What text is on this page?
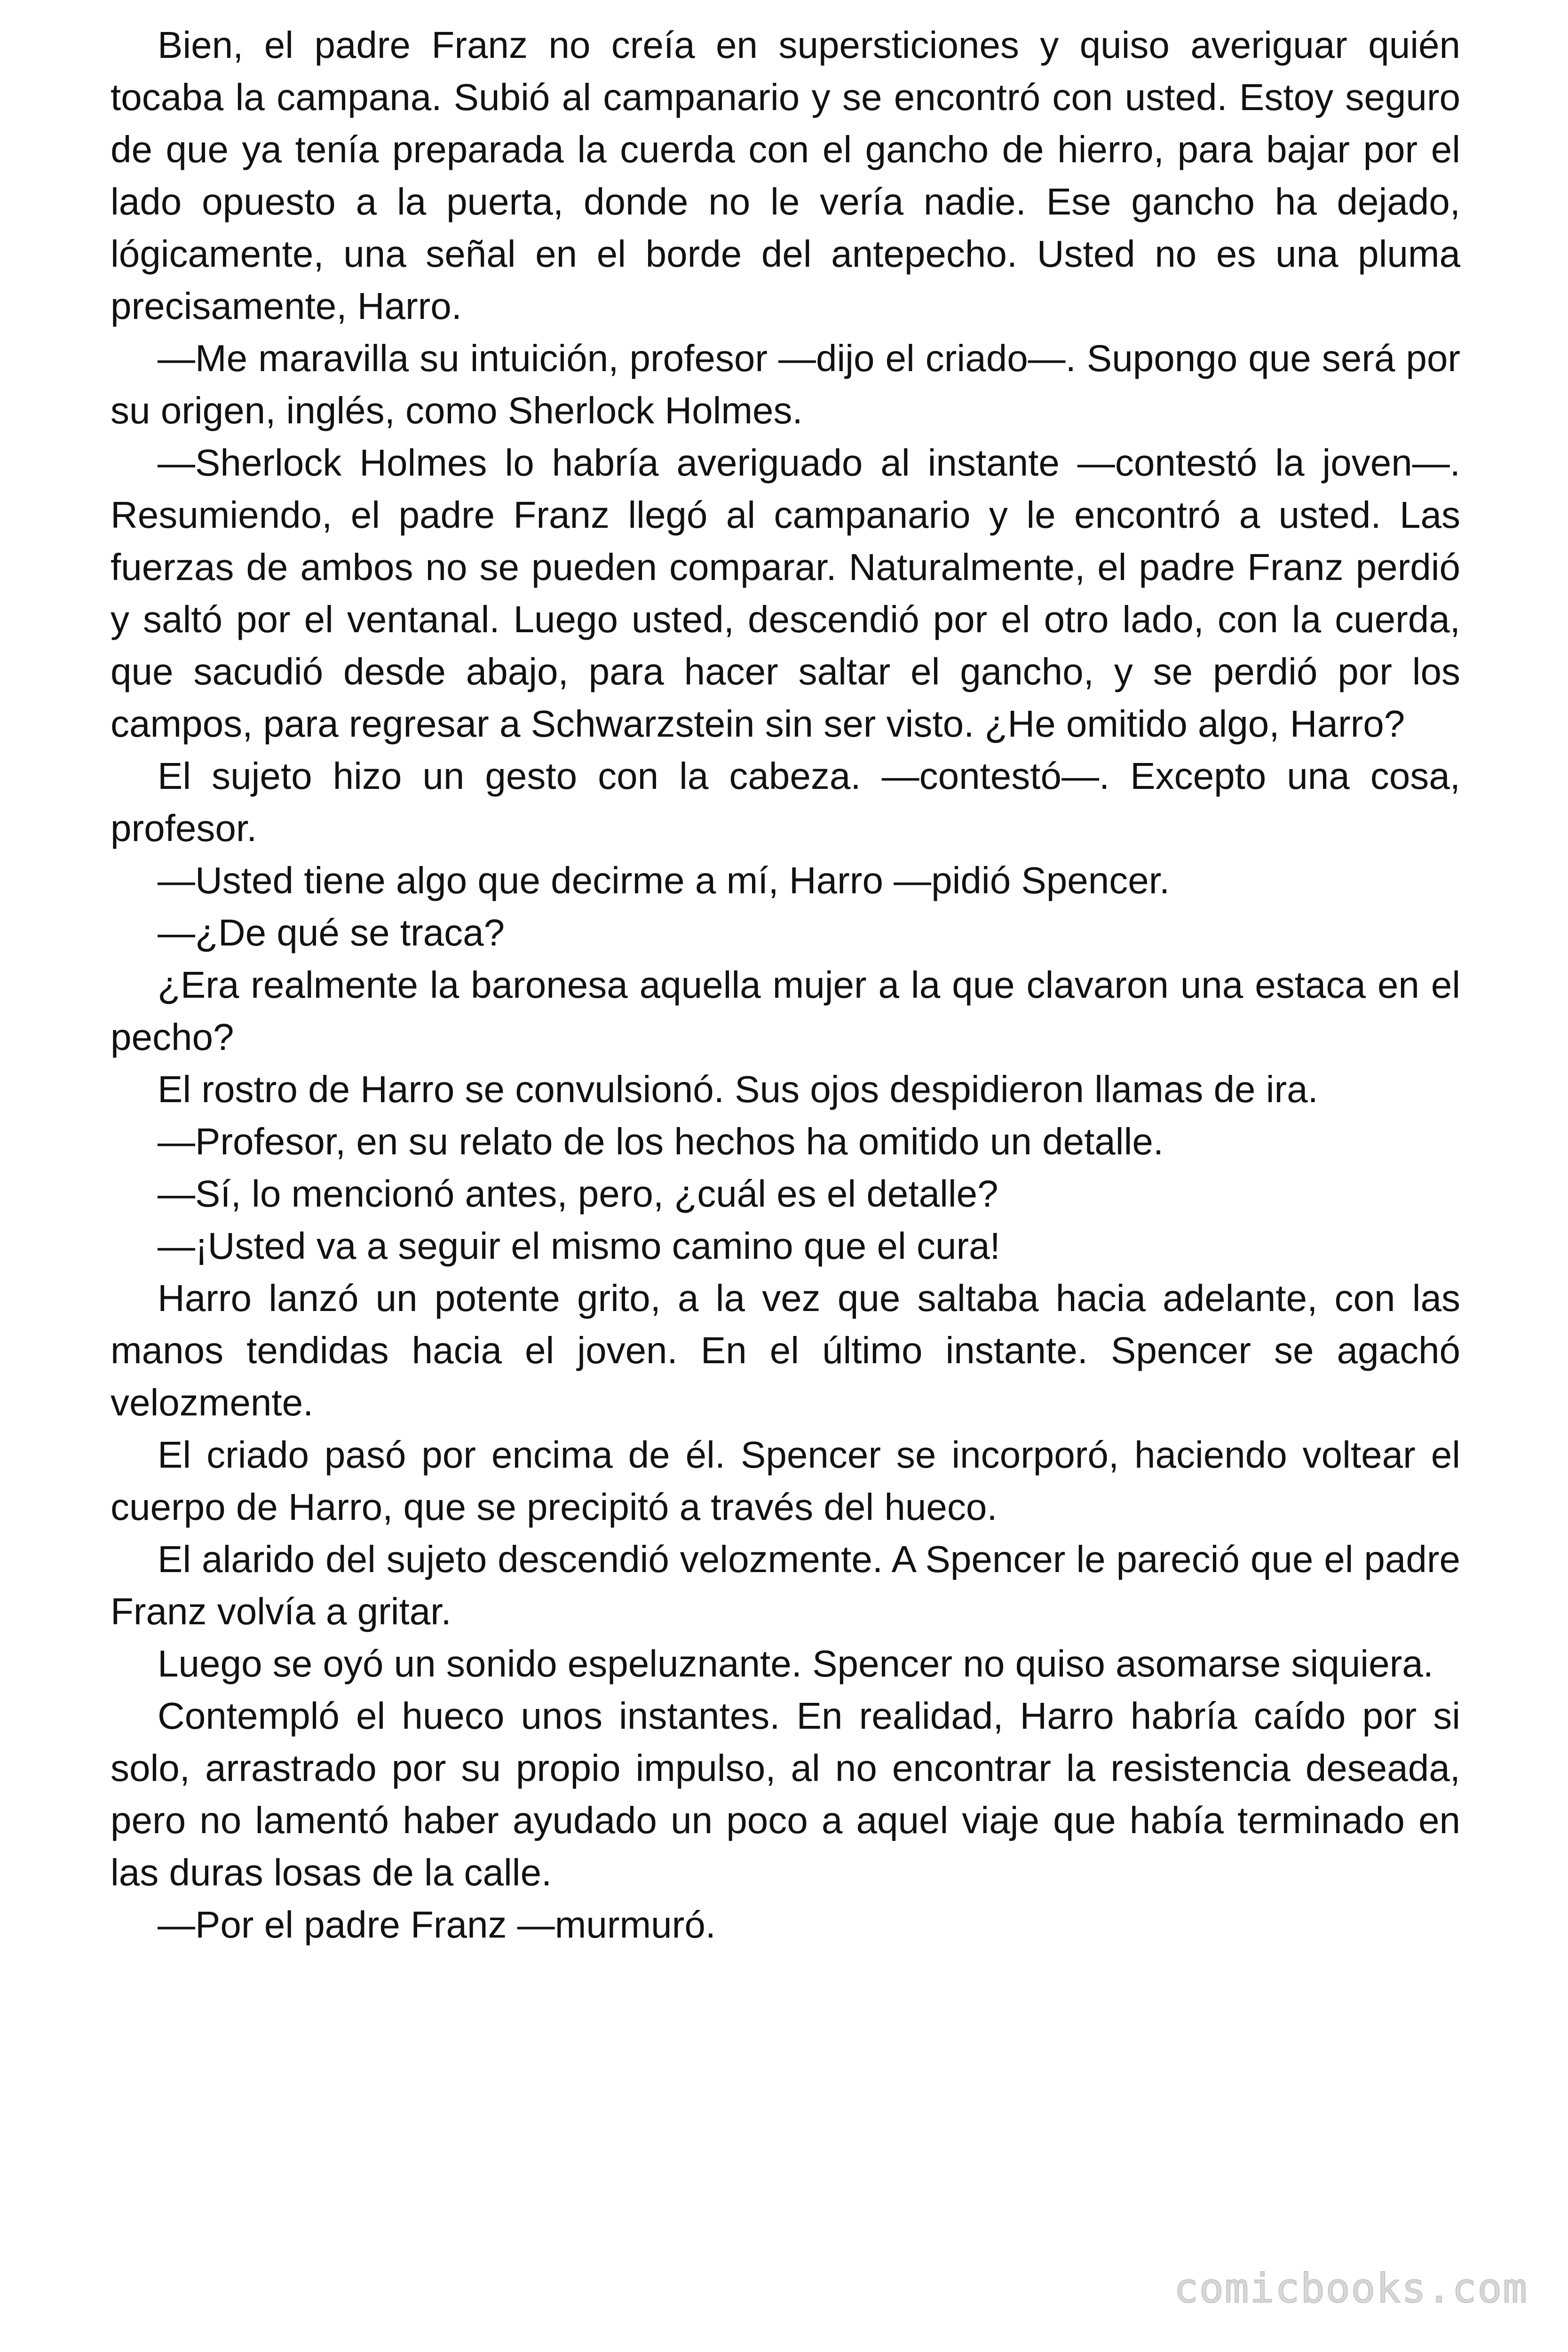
Bien, el padre Franz no creía en supersticiones y quiso averiguar quién tocaba la campana. Subió al campanario y se encontró con usted. Estoy seguro de que ya tenía preparada la cuerda con el gancho de hierro, para bajar por el lado opuesto a la puerta, donde no le vería nadie. Ese gancho ha dejado, lógicamente, una señal en el borde del antepecho. Usted no es una pluma precisamente, Harro.

—Me maravilla su intuición, profesor —dijo el criado—. Supongo que será por su origen, inglés, como Sherlock Holmes.

—Sherlock Holmes lo habría averiguado al instante —contestó la joven—. Resumiendo, el padre Franz llegó al campanario y le encontró a usted. Las fuerzas de ambos no se pueden comparar. Naturalmente, el padre Franz perdió y saltó por el ventanal. Luego usted, descendió por el otro lado, con la cuerda, que sacudió desde abajo, para hacer saltar el gancho, y se perdió por los campos, para regresar a Schwarzstein sin ser visto. ¿He omitido algo, Harro?

El sujeto hizo un gesto con la cabeza. —contestó—. Excepto una cosa, profesor.

—Usted tiene algo que decirme a mí, Harro —pidió Spencer.

—¿De qué se traca?

¿Era realmente la baronesa aquella mujer a la que clavaron una estaca en el pecho?

El rostro de Harro se convulsionó. Sus ojos despidieron llamas de ira.

—Profesor, en su relato de los hechos ha omitido un detalle.

—Sí, lo mencionó antes, pero, ¿cuál es el detalle?

—¡Usted va a seguir el mismo camino que el cura!

Harro lanzó un potente grito, a la vez que saltaba hacia adelante, con las manos tendidas hacia el joven. En el último instante. Spencer se agachó velozmente.

El criado pasó por encima de él. Spencer se incorporó, haciendo voltear el cuerpo de Harro, que se precipitó a través del hueco.

El alarido del sujeto descendió velozmente. A Spencer le pareció que el padre Franz volvía a gritar.

Luego se oyó un sonido espeluznante. Spencer no quiso asomarse siquiera.

Contempló el hueco unos instantes. En realidad, Harro habría caído por si solo, arrastrado por su propio impulso, al no encontrar la resistencia deseada, pero no lamentó haber ayudado un poco a aquel viaje que había terminado en las duras losas de la calle.

—Por el padre Franz —murmuró.

comicbooks.com
